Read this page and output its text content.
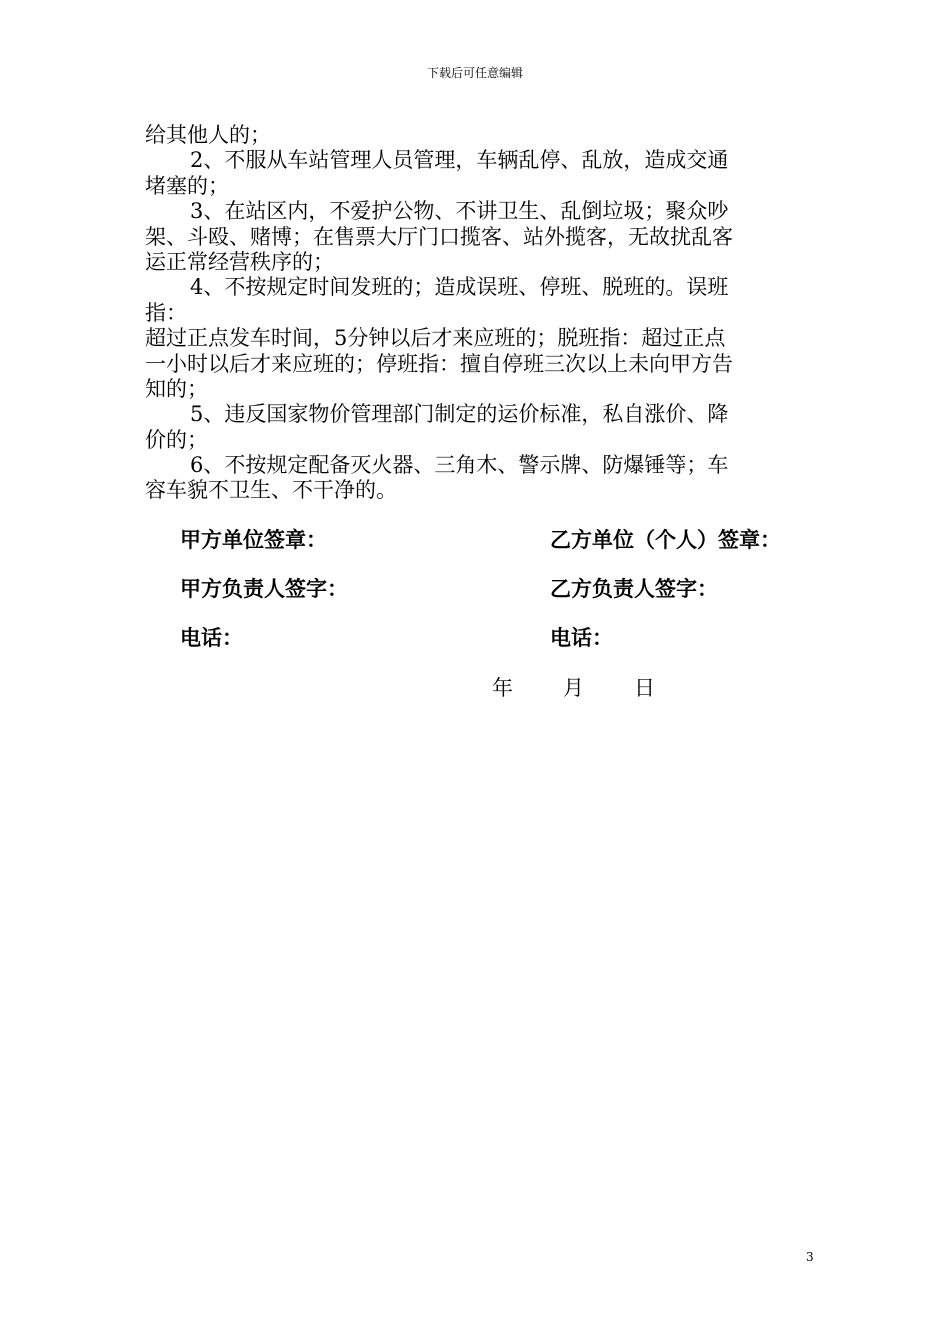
下载后可任意编辑
给其他人的；
2、不服从车站管理人员管理，车辆乱停、乱放，造成交通
堵塞的；
3、在站区内，不爱护公物、不讲卫生、乱倒垃圾；聚众吵
架、斗殴、赌博；在售票大厅门口揽客、站外揽客，无故扰乱客
运正常经营秩序的；
4、不按规定时间发班的；造成误班、停班、脱班的。误班
指：
超过正点发车时间，5分钟以后才来应班的；脱班指：超过正点
一小时以后才来应班的；停班指：擅自停班三次以上未向甲方告
知的；
5、违反国家物价管理部门制定的运价标准，私自涨价、降
价的；
6、不按规定配备灭火器、三角木、警示牌、防爆锤等；车
容车貌不卫生、不干净的。
甲方单位签章：	乙方单位（个人）签章：
甲方负责人签字：	乙方负责人签字：
电话：	电话：
年 月 日
3
